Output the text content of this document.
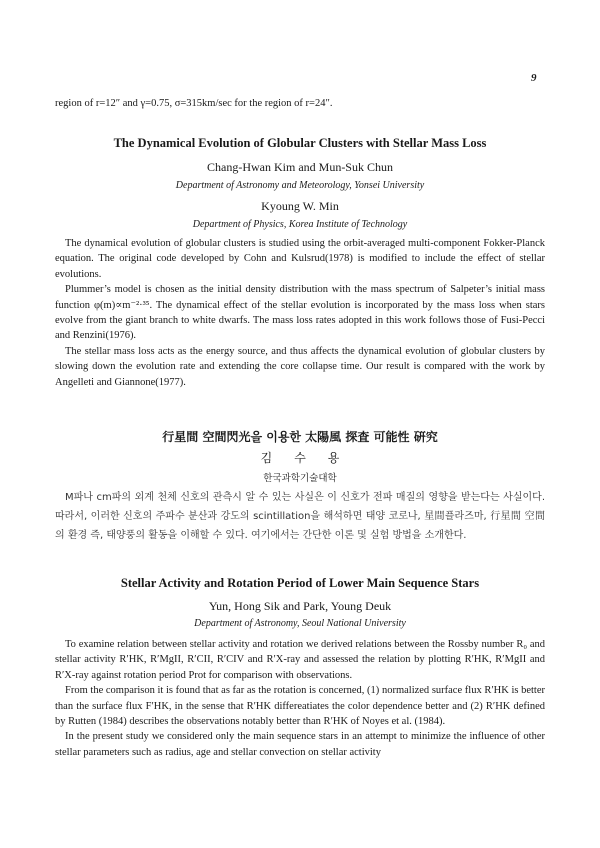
9
region of r=12″ and γ=0.75, σ=315km/sec for the region of r=24″.
The Dynamical Evolution of Globular Clusters with Stellar Mass Loss
Chang-Hwan Kim and Mun-Suk Chun
Department of Astronomy and Meteorology, Yonsei University
Kyoung W. Min
Department of Physics, Korea Institute of Technology

The dynamical evolution of globular clusters is studied using the orbit-averaged multi-component Fokker-Planck equation. The original code developed by Cohn and Kulsrud(1978) is modified to include the effect of stellar evolutions.

Plummer’s model is chosen as the initial density distribution with the mass spectrum of Salpeter’s initial mass function φ(m)∝m⁻²·³⁵. The dynamical effect of the stellar evolution is incorporated by the mass loss when stars evolve from the giant branch to white dwarfs. The mass loss rates adopted in this work follows those of Fusi-Pecci and Renzini(1976).

The stellar mass loss acts as the energy source, and thus affects the dynamical evolution of globular clusters by slowing down the evolution rate and extending the core collapse time. Our result is compared with the work by Angelleti and Giannone(1977).

行星間 空間閃光을 이용한 太陽風 探査 可能性 硏究
김수용
한국과학기술대학

M파나 cm파의 외계 천체 신호의 관측시 알 수 있는 사실은 이 신호가 전파 매질의 영향을 받는다는 사실이다. 따라서, 이러한 신호의 주파수 분산과 강도의 scintillation을 해석하면 태양 코로나, 星間플라즈마, 行星間 空間의 환경 즉, 태양풍의 활동을 이해할 수 있다. 여기에서는 간단한 이론 및 실험 방법을 소개한다.

Stellar Activity and Rotation Period of Lower Main Sequence Stars
Yun, Hong Sik and Park, Young Deuk
Department of Astronomy, Seoul National University

To examine relation between stellar activity and rotation we derived relations between the Rossby number R₀ and stellar activity R′HK, R′MgII, R′CII, R′CIV and R′X-ray and assessed the relation by plotting R′HK, R′MgII and R′X-ray against rotation period Prot for comparison with observations.

From the comparison it is found that as far as the rotation is concerned, (1) normalized surface flux R′HK is better than the surface flux F′HK, in the sense that R′HK differeatiates the color dependence better and (2) R′HK defined by Rutten (1984) describes the observations notably better than R′HK of Noyes et al. (1984).

In the present study we considered only the main sequence stars in an attempt to minimize the influence of other stellar parameters such as radius, age and stellar convection on stellar activity
